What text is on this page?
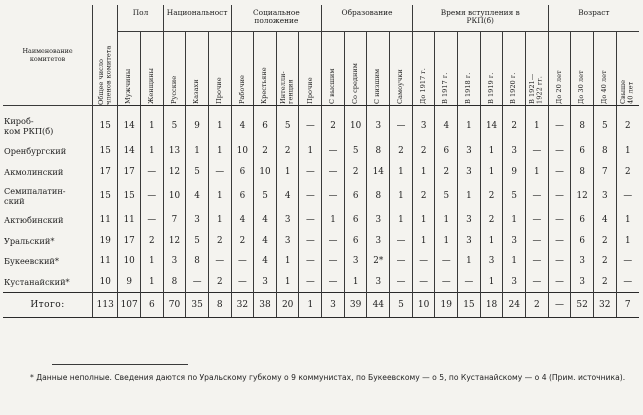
Наименование комитетов	Общее число
членов комитета	Пол		Национальност			Социальное
положение				Образование				Время вступления в
РКП(б)						Возраст			

		Мужчины	Женщины	Русские	Казахи	Прочие	Рабочие	Крестьяне	Интелли-
генция	Прочие	С высшим	Со средним	С низшим	Самоучки	До 1917 г.	В 1917 г.	В 1918 г.	В 1919 г.	В 1920 г.	В 1921—
1922 гг.	До 20 лет	До 30 лет	До 40 лет	Свыше
40 лет

Кироб-
ком РКП(б)	15	14	1	5	9	1	4	6	5	—	2	10	3	—	3	4	1	14	2	1	—	8	5	2
Оренбургский	15	14	1	13	1	1	10	2	2	1	—	5	8	2	2	6	3	1	3	—	—	6	8	1
Акмолинский	17	17	—	12	5	—	6	10	1	—	—	2	14	1	1	2	3	1	9	1	—	8	7	2
Семипалатин-
ский	15	15	—	10	4	1	6	5	4	—	—	6	8	1	2	5	1	2	5	—	—	12	3	—
Актюбинский	11	11	—	7	3	1	4	4	3	—	1	6	3	1	1	1	3	2	1	—	—	6	4	1
Уральский*	19	17	2	12	5	2	2	4	3	—	—	6	3	—	1	1	3	1	3	—	—	6	2	1
Букеевский*	11	10	1	3	8	—	—	4	1	—	—	3	2*	—	—	—	1	3	1	—	—	3	2	—
Кустанайский*	10	9	1	8	—	2	—	3	1	—	—	1	3	—	—	—	—	1	3	—	—	3	2	—
Итого:	113	107	6	70	35	8	32	38	20	1	3	39	44	5	10	19	15	18	24	2	—	52	32	7
* Данные неполные. Сведения даются по Уральскому губкому о 9 коммунистах, по Букеевскому — о 5, по Кустанайскому — о 4 (Прим. источника).
